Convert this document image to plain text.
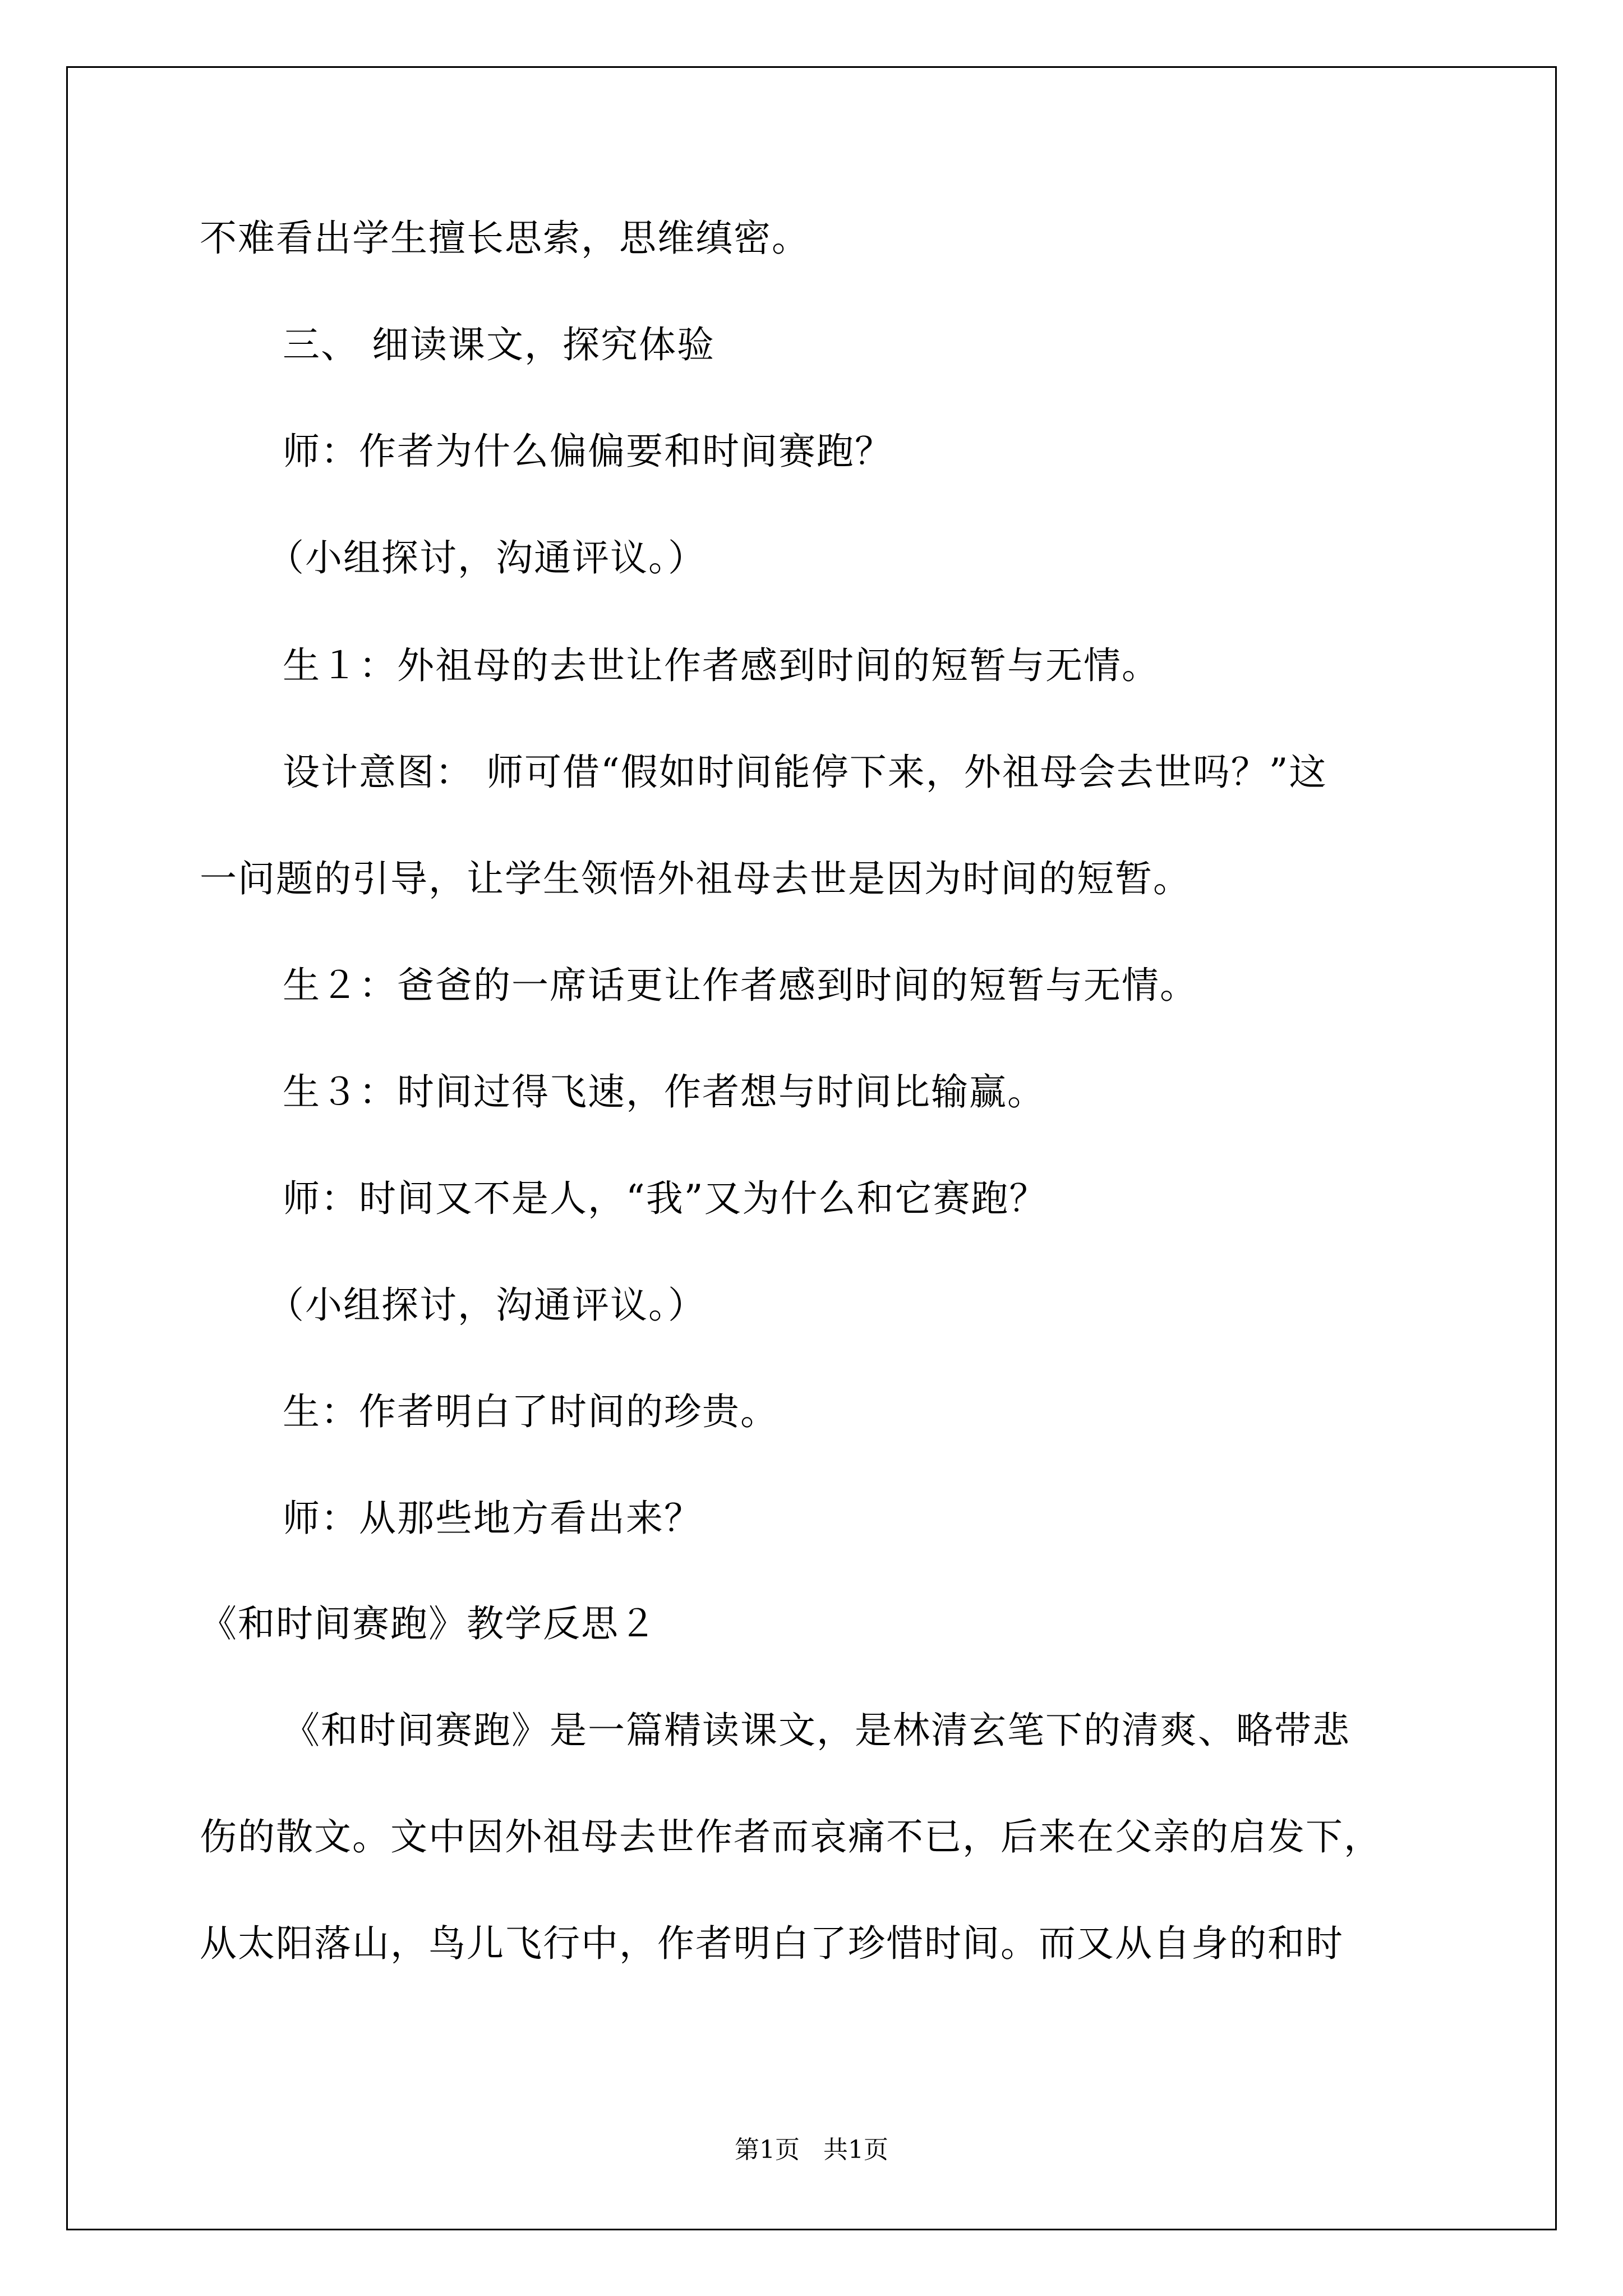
不难看出学生擅长思索，思维缜密。
三、 细读课文，探究体验
师：作者为什么偏偏要和时间赛跑？
（小组探讨，沟通评议。）
生１：外祖母的去世让作者感到时间的短暂与无情。
设计意图： 师可借“假如时间能停下来，外祖母会去世吗？”这
一问题的引导，让学生领悟外祖母去世是因为时间的短暂。
生２：爸爸的一席话更让作者感到时间的短暂与无情。
生３：时间过得飞速，作者想与时间比输赢。
师：时间又不是人，“我”又为什么和它赛跑？
（小组探讨，沟通评议。）
生：作者明白了时间的珍贵。
师：从那些地方看出来？
《和时间赛跑》教学反思２
《和时间赛跑》是一篇精读课文，是林清玄笔下的清爽、略带悲
伤的散文。文中因外祖母去世作者而哀痛不已，后来在父亲的启发下，
从太阳落山，鸟儿飞行中，作者明白了珍惜时间。而又从自身的和时
第1页 共1页
